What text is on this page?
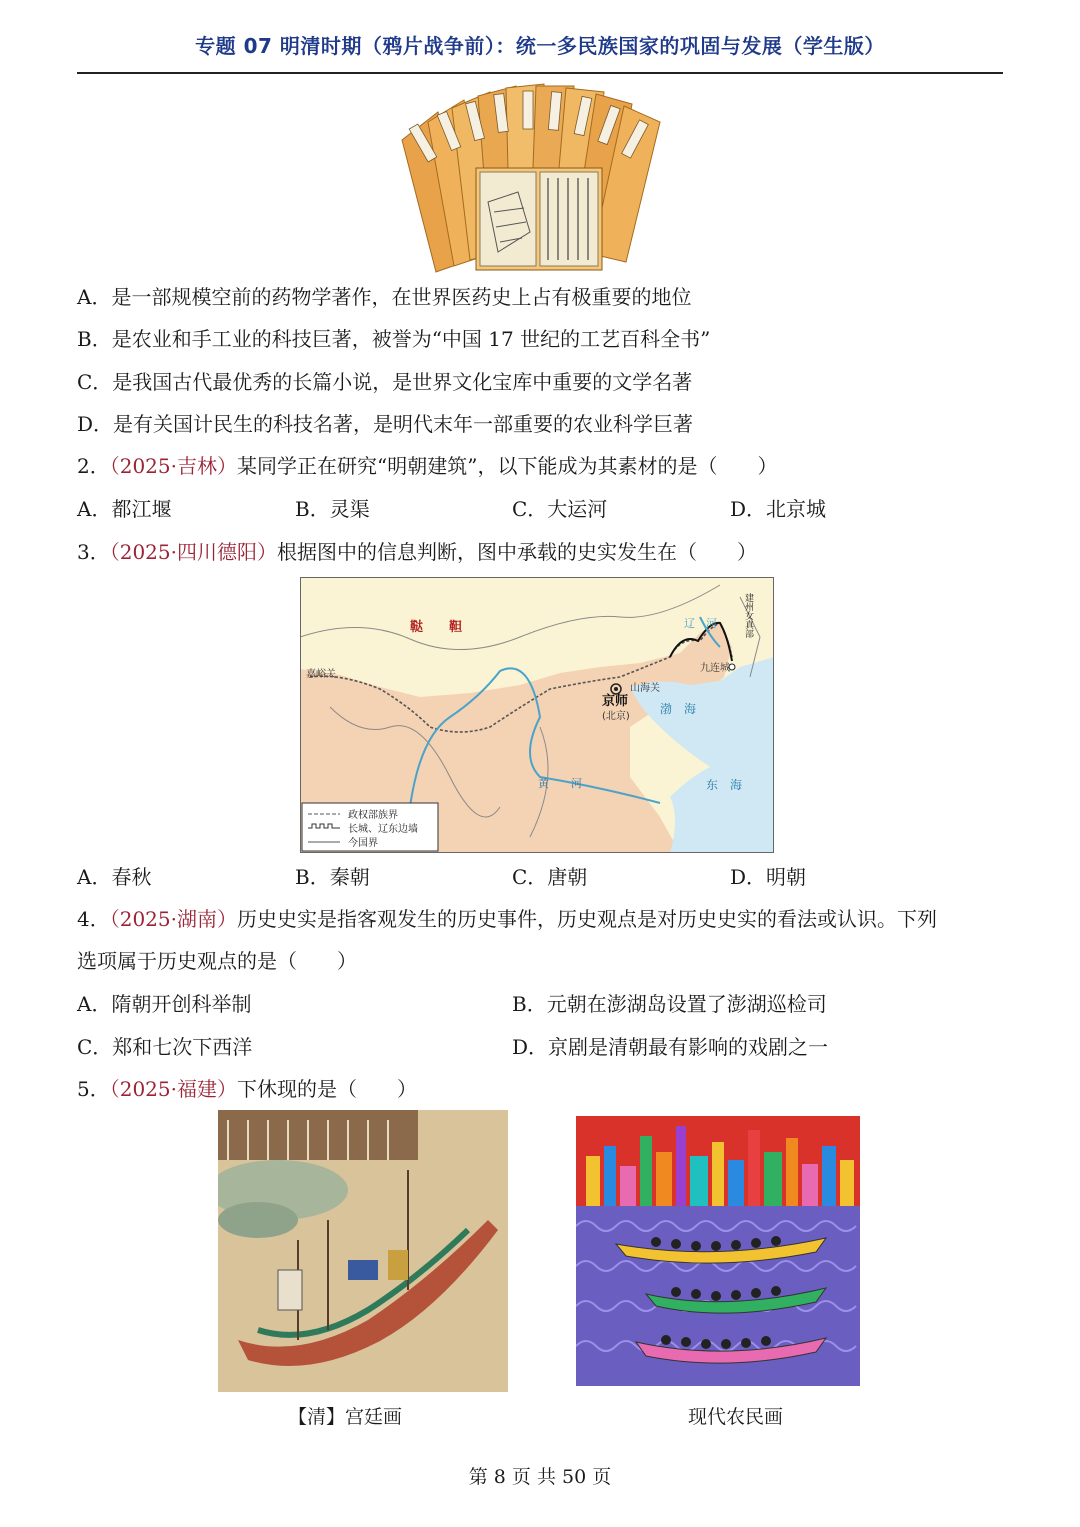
专题 07 明清时期（鸦片战争前）：统一多民族国家的巩固与发展（学生版）
A．是一部规模空前的药物学著作，在世界医药史上占有极重要的地位
B．是农业和手工业的科技巨著，被誉为“中国 17 世纪的工艺百科全书”
C．是我国古代最优秀的长篇小说，是世界文化宝库中重要的文学名著
D．是有关国计民生的科技名著，是明代末年一部重要的农业科学巨著
2．（2025·吉林）某同学正在研究“明朝建筑”，以下能成为其素材的是（　　）
A．都江堰	B．灵渠	C．大运河	D．北京城
3．（2025·四川德阳）根据图中的信息判断，图中承载的史实发生在（　　）
鞑　　靼
嘉峪关
京师
(北京)
山海关
九连城
辽　河
渤　海
东　海
黄　　河
建州女真部
政权部族界
长城、辽东边墙
今国界
A．春秋	B．秦朝	C．唐朝	D．明朝
4．（2025·湖南）历史史实是指客观发生的历史事件，历史观点是对历史史实的看法或认识。下列
选项属于历史观点的是（　　）
A．隋朝开创科举制	B．元朝在澎湖岛设置了澎湖巡检司
C．郑和七次下西洋	D．京剧是清朝最有影响的戏剧之一
5．（2025·福建）下休现的是（　　）
【清】宫廷画	现代农民画
第 8 页 共 50 页
